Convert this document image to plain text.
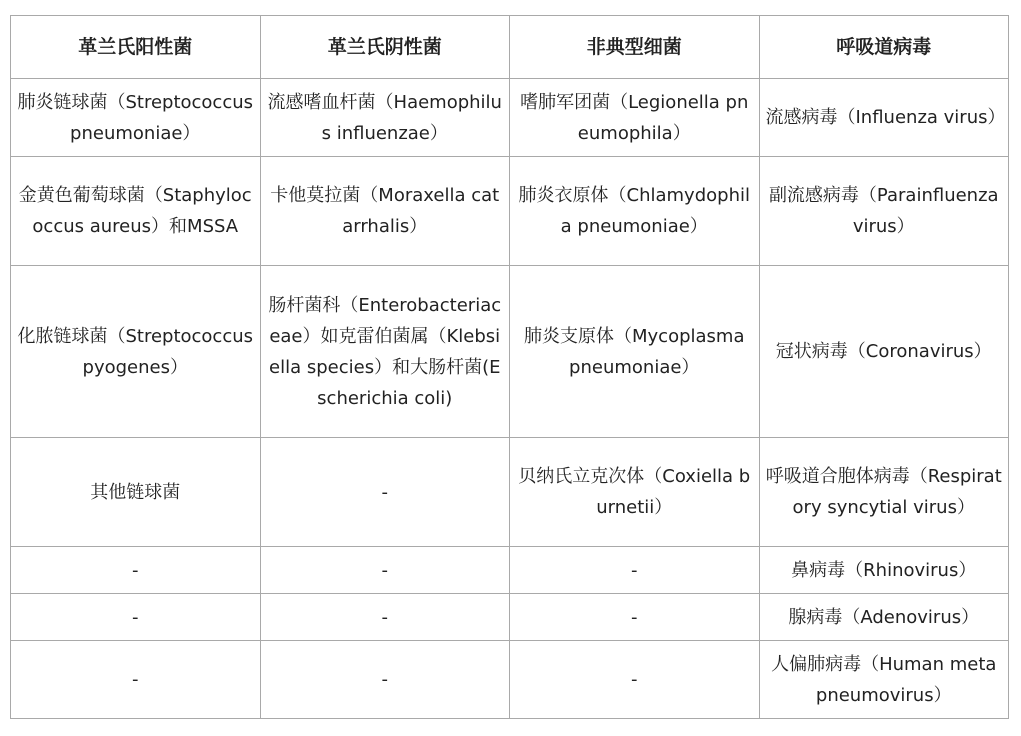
革兰氏阳性菌	革兰氏阴性菌	非典型细菌	呼吸道病毒
肺炎链球菌（Streptococcus pneumoniae）	流感嗜血杆菌（Haemophilus influenzae）	嗜肺军团菌（Legionella pneumophila）	流感病毒（Influenza virus）
金黄色葡萄球菌（Staphylococcus aureus）和MSSA	卡他莫拉菌（Moraxella catarrhalis）	肺炎衣原体（Chlamydophila pneumoniae）	副流感病毒（Parainfluenza virus）
化脓链球菌（Streptococcus pyogenes）	肠杆菌科（Enterobacteriaceae）如克雷伯菌属（Klebsiella species）和大肠杆菌(Escherichia coli)	肺炎支原体（Mycoplasma pneumoniae）	冠状病毒（Coronavirus）
其他链球菌	-	贝纳氏立克次体（Coxiella burnetii）	呼吸道合胞体病毒（Respiratory syncytial virus）
-	-	-	鼻病毒（Rhinovirus）
-	-	-	腺病毒（Adenovirus）
-	-	-	人偏肺病毒（Human metapneumovirus）
